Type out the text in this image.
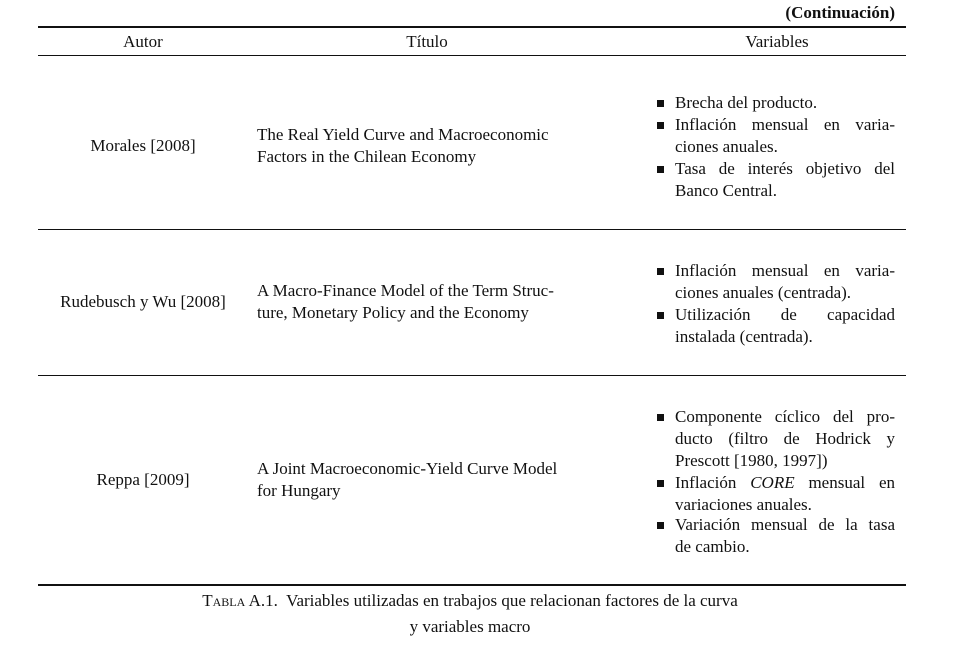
(Continuación)
Autor	Título	Variables
Morales [2008]
The Real Yield Curve and Macroeconomic
Factors in the Chilean Economy
Brecha del producto.
Inflación mensual en varia-
ciones anuales.
Tasa de interés objetivo del
Banco Central.
Rudebusch y Wu [2008]
A Macro-Finance Model of the Term Struc-
ture, Monetary Policy and the Economy
Inflación mensual en varia-
ciones anuales (centrada).
Utilización de capacidad
instalada (centrada).
Reppa [2009]
A Joint Macroeconomic-Yield Curve Model
for Hungary
Componente cíclico del pro-
ducto (filtro de Hodrick y
Prescott [1980, 1997])
Inflación CORE mensual en
variaciones anuales.
Variación mensual de la tasa
de cambio.
Tabla A.1. Variables utilizadas en trabajos que relacionan factores de la curva
y variables macro
